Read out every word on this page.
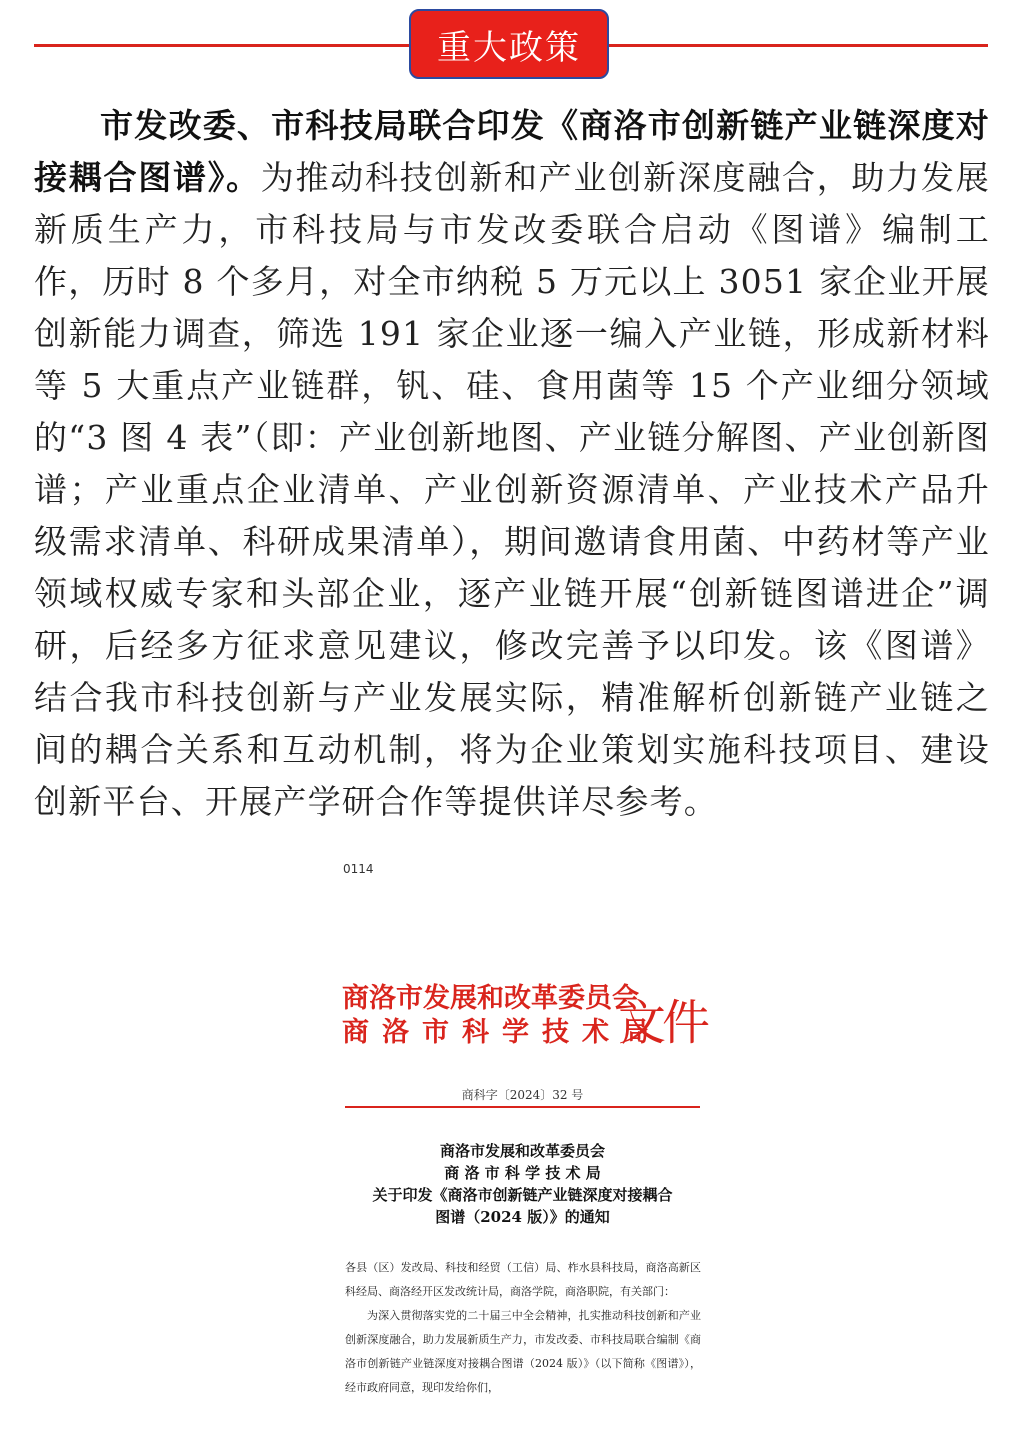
重大政策

市发改委、市科技局联合印发《商洛市创新链产业链深度对接耦合图谱》。为推动科技创新和产业创新深度融合，助力发展新质生产力，市科技局与市发改委联合启动《图谱》编制工作，历时 8 个多月，对全市纳税 5 万元以上 3051 家企业开展创新能力调查，筛选 191 家企业逐一编入产业链，形成新材料等 5 大重点产业链群，钒、硅、食用菌等 15 个产业细分领域的“3 图 4 表”（即：产业创新地图、产业链分解图、产业创新图谱；产业重点企业清单、产业创新资源清单、产业技术产品升级需求清单、科研成果清单），期间邀请食用菌、中药材等产业领域权威专家和头部企业，逐产业链开展“创新链图谱进企”调研，后经多方征求意见建议，修改完善予以印发。该《图谱》结合我市科技创新与产业发展实际，精准解析创新链产业链之间的耦合关系和互动机制，将为企业策划实施科技项目、建设创新平台、开展产学研合作等提供详尽参考。

0114
商洛市发展和改革委员会
商洛市科学技术局
文件
商科字〔2024〕32 号
商洛市发展和改革委员会
商 洛 市 科 学 技 术 局
关于印发《商洛市创新链产业链深度对接耦合
图谱（2024 版）》的通知

各县（区）发改局、科技和经贸（工信）局、柞水县科技局，商洛高新区科经局、商洛经开区发改统计局，商洛学院，商洛职院，有关部门：

为深入贯彻落实党的二十届三中全会精神，扎实推动科技创新和产业创新深度融合，助力发展新质生产力，市发改委、市科技局联合编制《商洛市创新链产业链深度对接耦合图谱（2024 版）》（以下简称《图谱》），经市政府同意，现印发给你们，
